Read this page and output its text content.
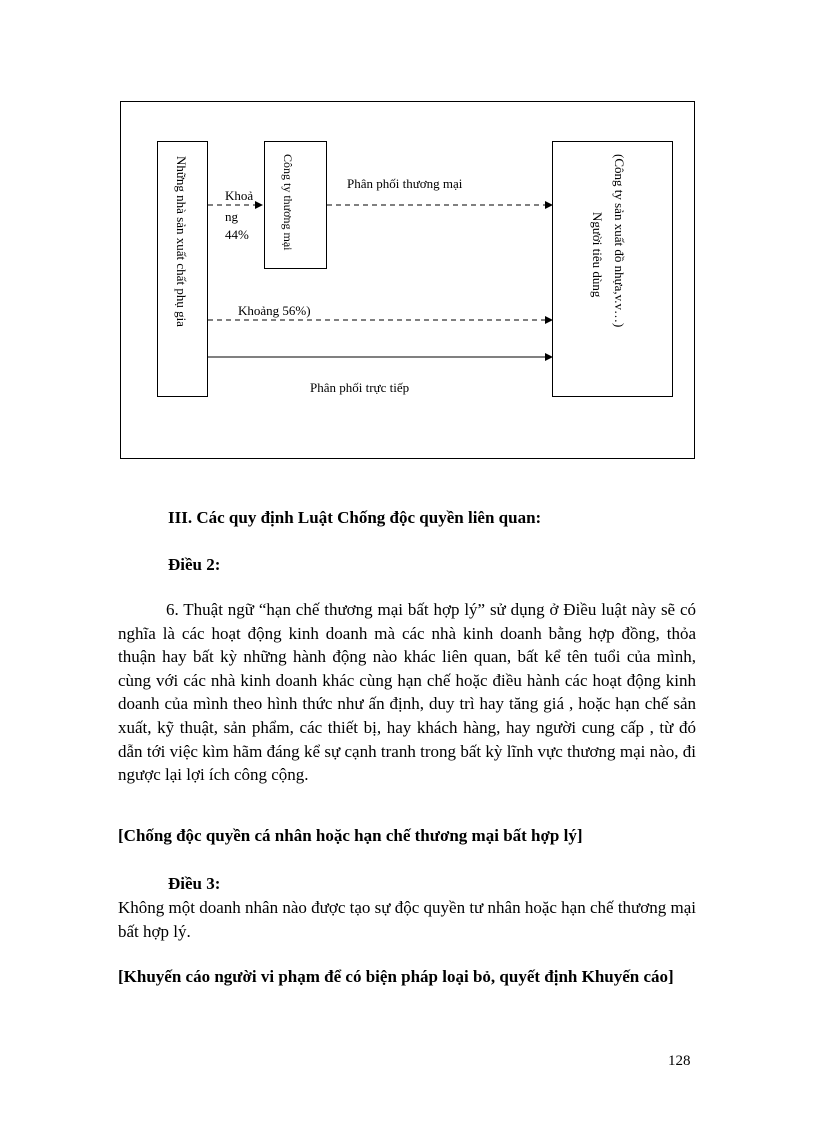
Những nhà sản xuất chất phụ gia	Công ty thương mại	(Công ty sản xuất đồ nhựa,v.v…)
Người tiêu dùng
Khoả
ng
44%
Phân phối thương mại
Khoảng 56%)
Phân phối trực tiếp
III. Các quy định Luật Chống độc quyền liên quan:
Điều 2:
6. Thuật ngữ “hạn chế thương mại bất hợp lý” sử dụng ở Điều luật này sẽ có nghĩa là các hoạt động kinh doanh mà các nhà kinh doanh bằng hợp đồng, thỏa thuận hay bất kỳ những hành động nào khác liên quan, bất kể tên tuổi của mình, cùng với các nhà kinh doanh khác cùng hạn chế hoặc điều hành các hoạt động kinh doanh của mình theo hình thức như ấn định, duy trì hay tăng giá , hoặc hạn chế sản xuất, kỹ thuật, sản phẩm, các thiết bị, hay khách hàng, hay người cung cấp , từ đó dẫn tới việc kìm hãm đáng kể sự cạnh tranh trong bất kỳ lĩnh vực thương mại nào, đi ngược lại lợi ích công cộng.
[Chống độc quyền cá nhân hoặc hạn chế thương mại bất hợp lý]
Điều 3:
Không một doanh nhân nào được tạo sự độc quyền tư nhân hoặc hạn chế thương mại bất hợp lý.
[Khuyến cáo người vi phạm để có biện pháp loại bỏ, quyết định Khuyến cáo]
128
